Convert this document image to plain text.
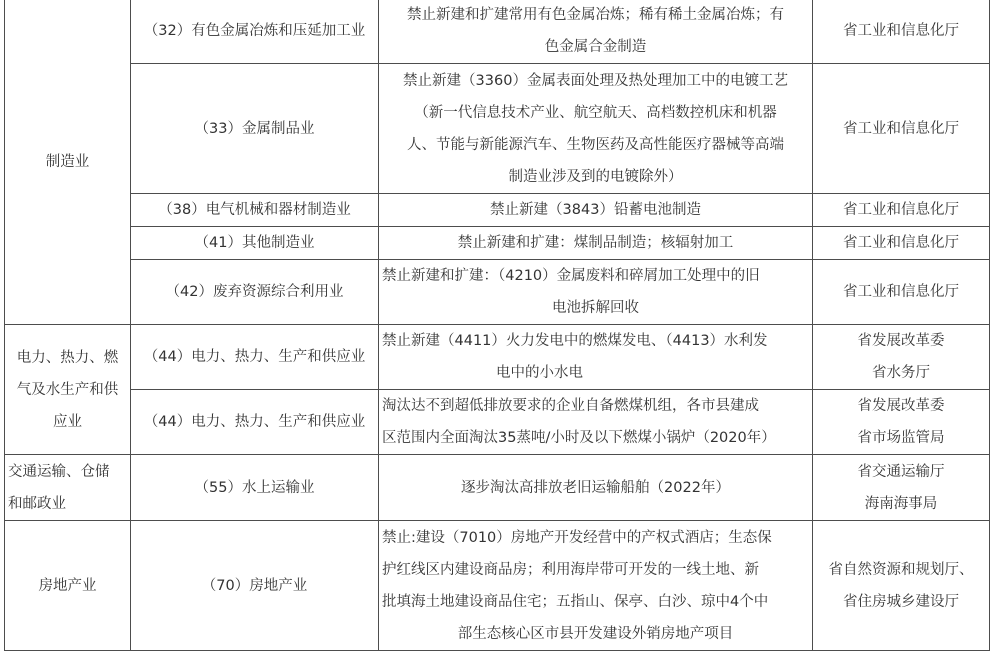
制造业	（32）有色金属冶炼和压延加工业	禁止新建和扩建常用有色金属冶炼；稀有稀土金属冶炼；有
色金属合金制造	省工业和信息化厅

	（33）金属制品业	禁止新建（3360）金属表面处理及热处理加工中的电镀工艺
（新一代信息技术产业、航空航天、高档数控机床和机器
人、节能与新能源汽车、生物医药及高性能医疗器械等高端
制造业涉及到的电镀除外）	省工业和信息化厅

	（38）电气机械和器材制造业	禁止新建（3843）铅蓄电池制造	省工业和信息化厅

	（41）其他制造业	禁止新建和扩建：煤制品制造；核辐射加工	省工业和信息化厅

	（42）废弃资源综合利用业	禁止新建和扩建：（4210）金属废料和碎屑加工处理中的旧
电池拆解回收	省工业和信息化厅

电力、热力、燃
气及水生产和供
应业	（44）电力、热力、生产和供应业	禁止新建（4411）火力发电中的燃煤发电、（4413）水利发
电中的小水电	省发展改革委
省水务厅

	（44）电力、热力、生产和供应业	淘汰达不到超低排放要求的企业自备燃煤机组，各市县建成
区范围内全面淘汰35蒸吨/小时及以下燃煤小锅炉（2020年）	省发展改革委
省市场监管局

交通运输、仓储
和邮政业	（55）水上运输业	逐步淘汰高排放老旧运输船舶（2022年）	省交通运输厅
海南海事局

房地产业	（70）房地产业	禁止:建设（7010）房地产开发经营中的产权式酒店；生态保
护红线区内建设商品房；利用海岸带可开发的一线土地、新
批填海土地建设商品住宅；五指山、保亭、白沙、琼中4个中
部生态核心区市县开发建设外销房地产项目	省自然资源和规划厅、
省住房城乡建设厅
